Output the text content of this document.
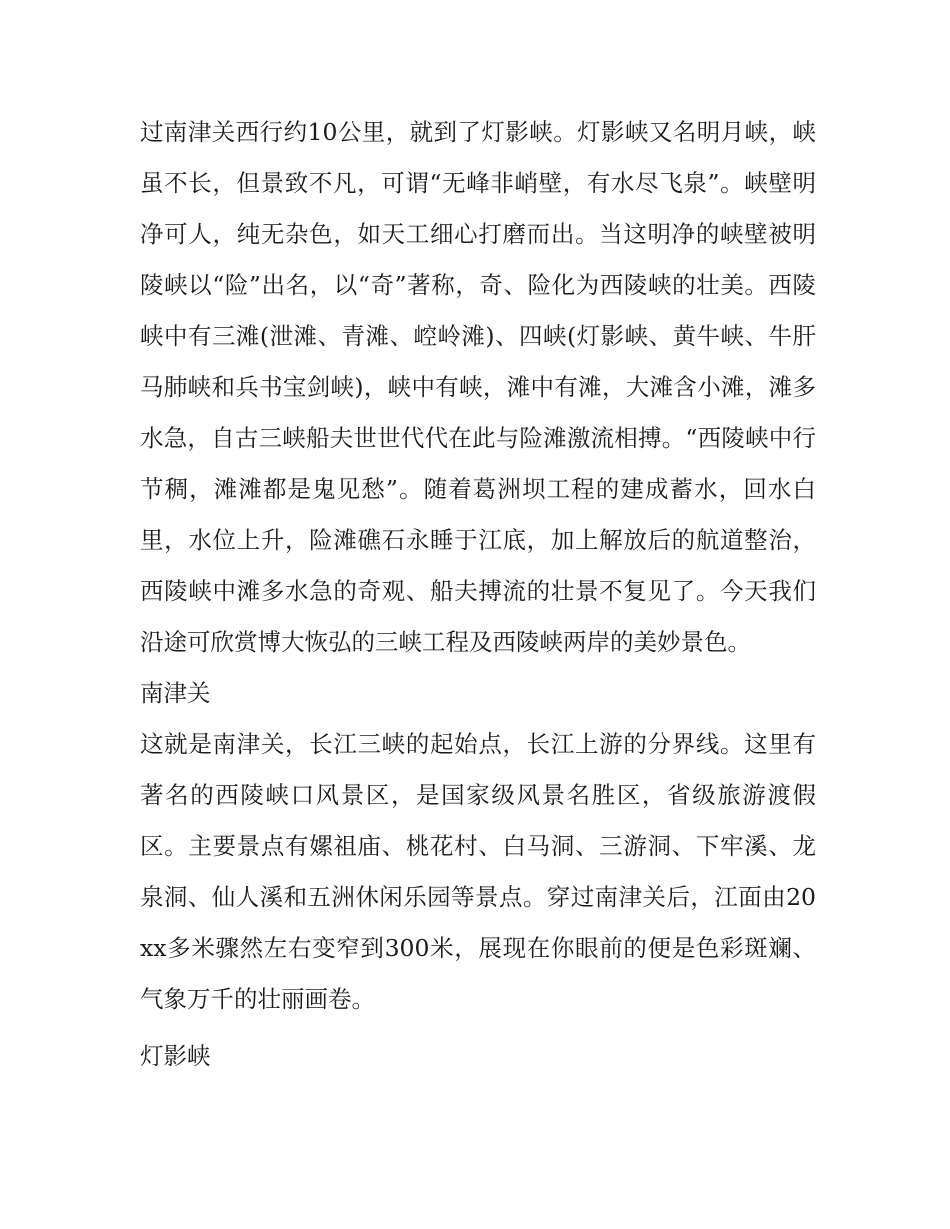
过南津关西行约10公里，就到了灯影峡。灯影峡又名明月峡，峡虽不长，但景致不凡，可谓“无峰非峭壁，有水尽飞泉”。峡壁明净可人，纯无杂色，如天工细心打磨而出。当这明净的峡壁被明陵峡以“险”出名，以“奇”著称，奇、险化为西陵峡的壮美。西陵峡中有三滩(泄滩、青滩、崆岭滩)、四峡(灯影峡、黄牛峡、牛肝马肺峡和兵书宝剑峡)，峡中有峡，滩中有滩，大滩含小滩，滩多水急，自古三峡船夫世世代代在此与险滩激流相搏。“西陵峡中行节稠，滩滩都是鬼见愁”。随着葛洲坝工程的建成蓄水，回水白里，水位上升，险滩礁石永睡于江底，加上解放后的航道整治，西陵峡中滩多水急的奇观、船夫搏流的壮景不复见了。今天我们沿途可欣赏博大恢弘的三峡工程及西陵峡两岸的美妙景色。

南津关

这就是南津关，长江三峡的起始点，长江上游的分界线。这里有著名的西陵峡口风景区，是国家级风景名胜区，省级旅游渡假区。主要景点有嫘祖庙、桃花村、白马洞、三游洞、下牢溪、龙泉洞、仙人溪和五洲休闲乐园等景点。穿过南津关后，江面由20xx多米骤然左右变窄到300米，展现在你眼前的便是色彩斑斓、气象万千的壮丽画卷。

灯影峡
